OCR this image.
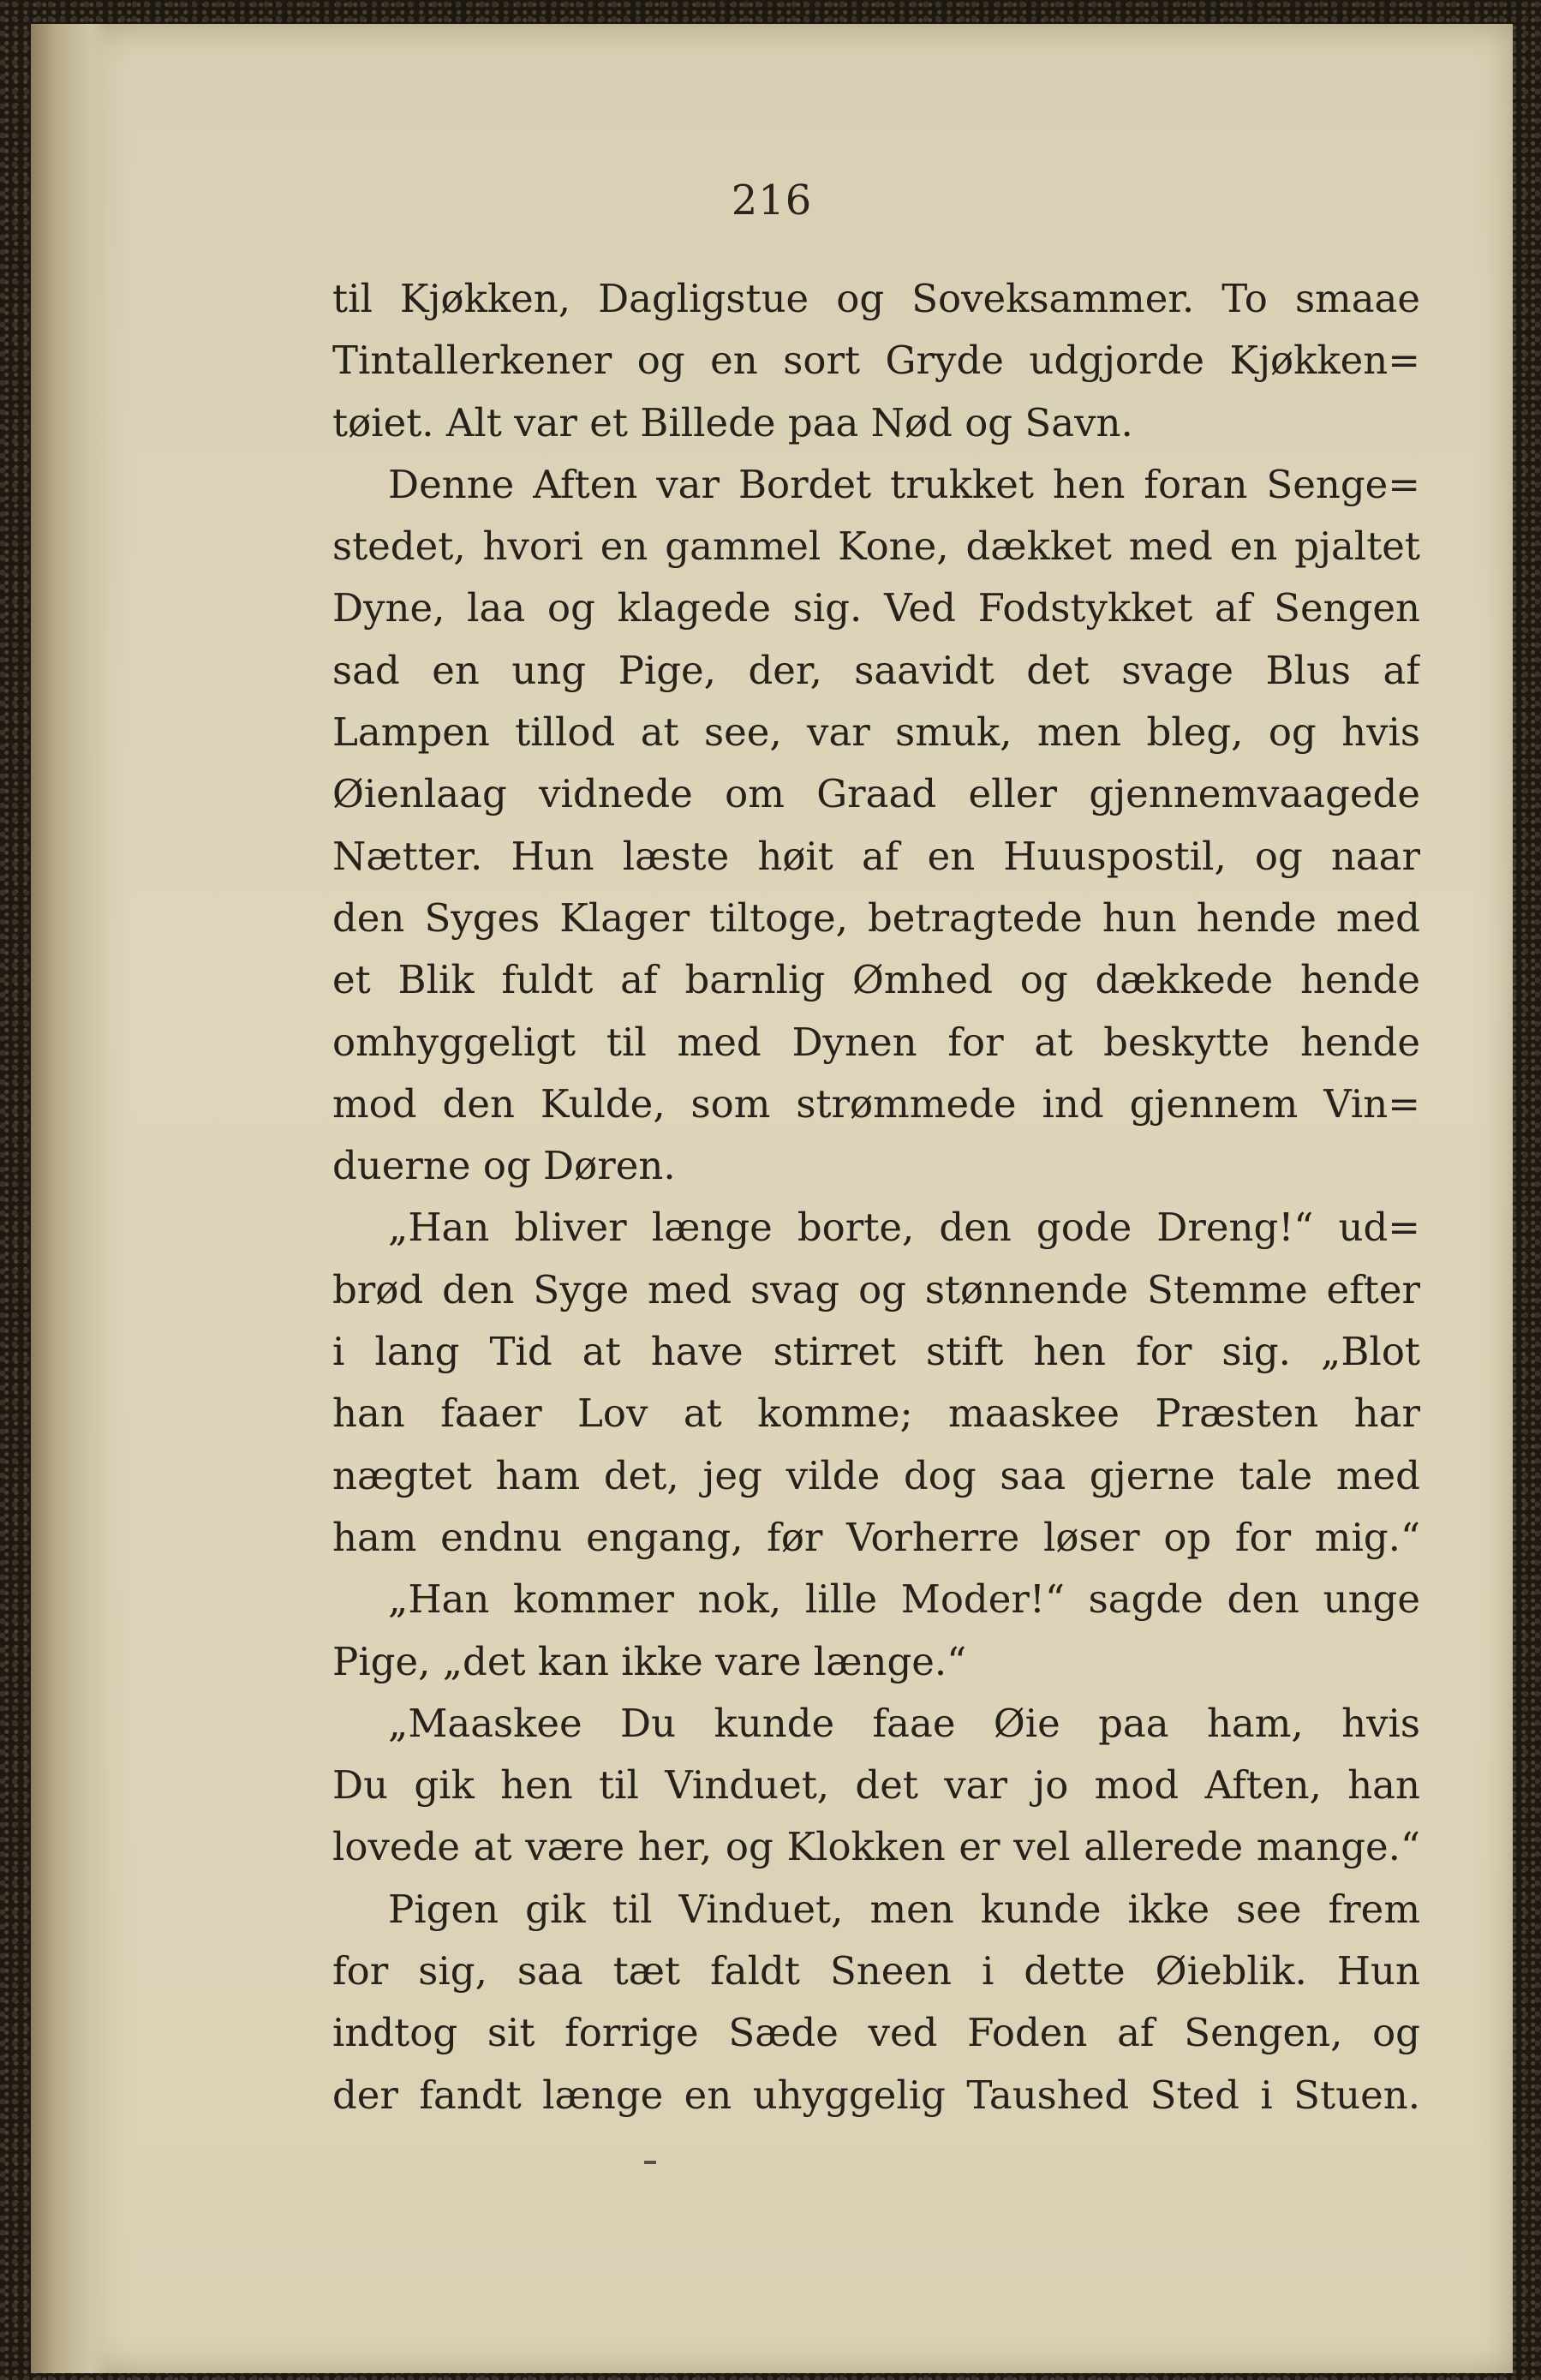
216
til Kjøkken, Dagligstue og Soveksammer. To smaae
Tintallerkener og en sort Gryde udgjorde Kjøkken=
tøiet. Alt var et Billede paa Nød og Savn.
Denne Aften var Bordet trukket hen foran Senge=
stedet, hvori en gammel Kone, dækket med en pjaltet
Dyne, laa og klagede sig. Ved Fodstykket af Sengen
sad en ung Pige, der, saavidt det svage Blus af
Lampen tillod at see, var smuk, men bleg, og hvis
Øienlaag vidnede om Graad eller gjennemvaagede
Nætter. Hun læste høit af en Huuspostil, og naar
den Syges Klager tiltoge, betragtede hun hende med
et Blik fuldt af barnlig Ømhed og dækkede hende
omhyggeligt til med Dynen for at beskytte hende
mod den Kulde, som strømmede ind gjennem Vin=
duerne og Døren.
„Han bliver længe borte, den gode Dreng!“ ud=
brød den Syge med svag og stønnende Stemme efter
i lang Tid at have stirret stift hen for sig. „Blot
han faaer Lov at komme; maaskee Præsten har
nægtet ham det, jeg vilde dog saa gjerne tale med
ham endnu engang, før Vorherre løser op for mig.“
„Han kommer nok, lille Moder!“ sagde den unge
Pige, „det kan ikke vare længe.“
„Maaskee Du kunde faae Øie paa ham, hvis
Du gik hen til Vinduet, det var jo mod Aften, han
lovede at være her, og Klokken er vel allerede mange.“
Pigen gik til Vinduet, men kunde ikke see frem
for sig, saa tæt faldt Sneen i dette Øieblik. Hun
indtog sit forrige Sæde ved Foden af Sengen, og
der fandt længe en uhyggelig Taushed Sted i Stuen.
